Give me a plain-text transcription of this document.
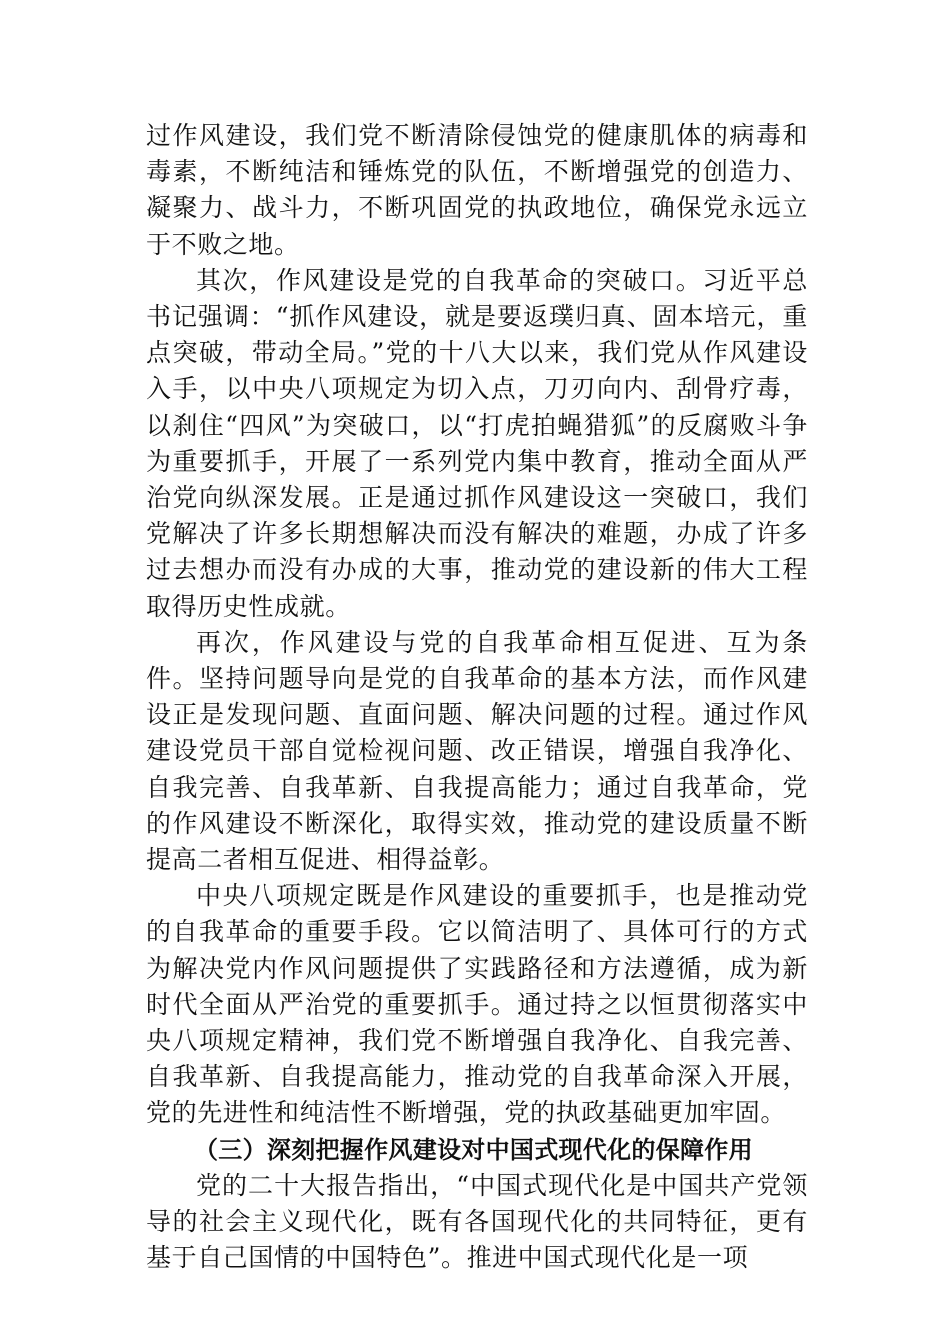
过作风建设，我们党不断清除侵蚀党的健康肌体的病毒和毒素，不断纯洁和锤炼党的队伍，不断增强党的创造力、凝聚力、战斗力，不断巩固党的执政地位，确保党永远立于不败之地。

其次，作风建设是党的自我革命的突破口。习近平总书记强调：“抓作风建设，就是要返璞归真、固本培元，重点突破，带动全局。”党的十八大以来，我们党从作风建设入手，以中央八项规定为切入点，刀刃向内、刮骨疗毒，以刹住“四风”为突破口，以“打虎拍蝇猎狐”的反腐败斗争为重要抓手，开展了一系列党内集中教育，推动全面从严治党向纵深发展。正是通过抓作风建设这一突破口，我们党解决了许多长期想解决而没有解决的难题，办成了许多过去想办而没有办成的大事，推动党的建设新的伟大工程取得历史性成就。

再次，作风建设与党的自我革命相互促进、互为条件。坚持问题导向是党的自我革命的基本方法，而作风建设正是发现问题、直面问题、解决问题的过程。通过作风建设党员干部自觉检视问题、改正错误，增强自我净化、自我完善、自我革新、自我提高能力；通过自我革命，党的作风建设不断深化，取得实效，推动党的建设质量不断提高二者相互促进、相得益彰。

中央八项规定既是作风建设的重要抓手，也是推动党的自我革命的重要手段。它以简洁明了、具体可行的方式为解决党内作风问题提供了实践路径和方法遵循，成为新时代全面从严治党的重要抓手。通过持之以恒贯彻落实中央八项规定精神，我们党不断增强自我净化、自我完善、自我革新、自我提高能力，推动党的自我革命深入开展，党的先进性和纯洁性不断增强，党的执政基础更加牢固。

（三）深刻把握作风建设对中国式现代化的保障作用

党的二十大报告指出，“中国式现代化是中国共产党领导的社会主义现代化，既有各国现代化的共同特征，更有基于自己国情的中国特色”。推进中国式现代化是一项
